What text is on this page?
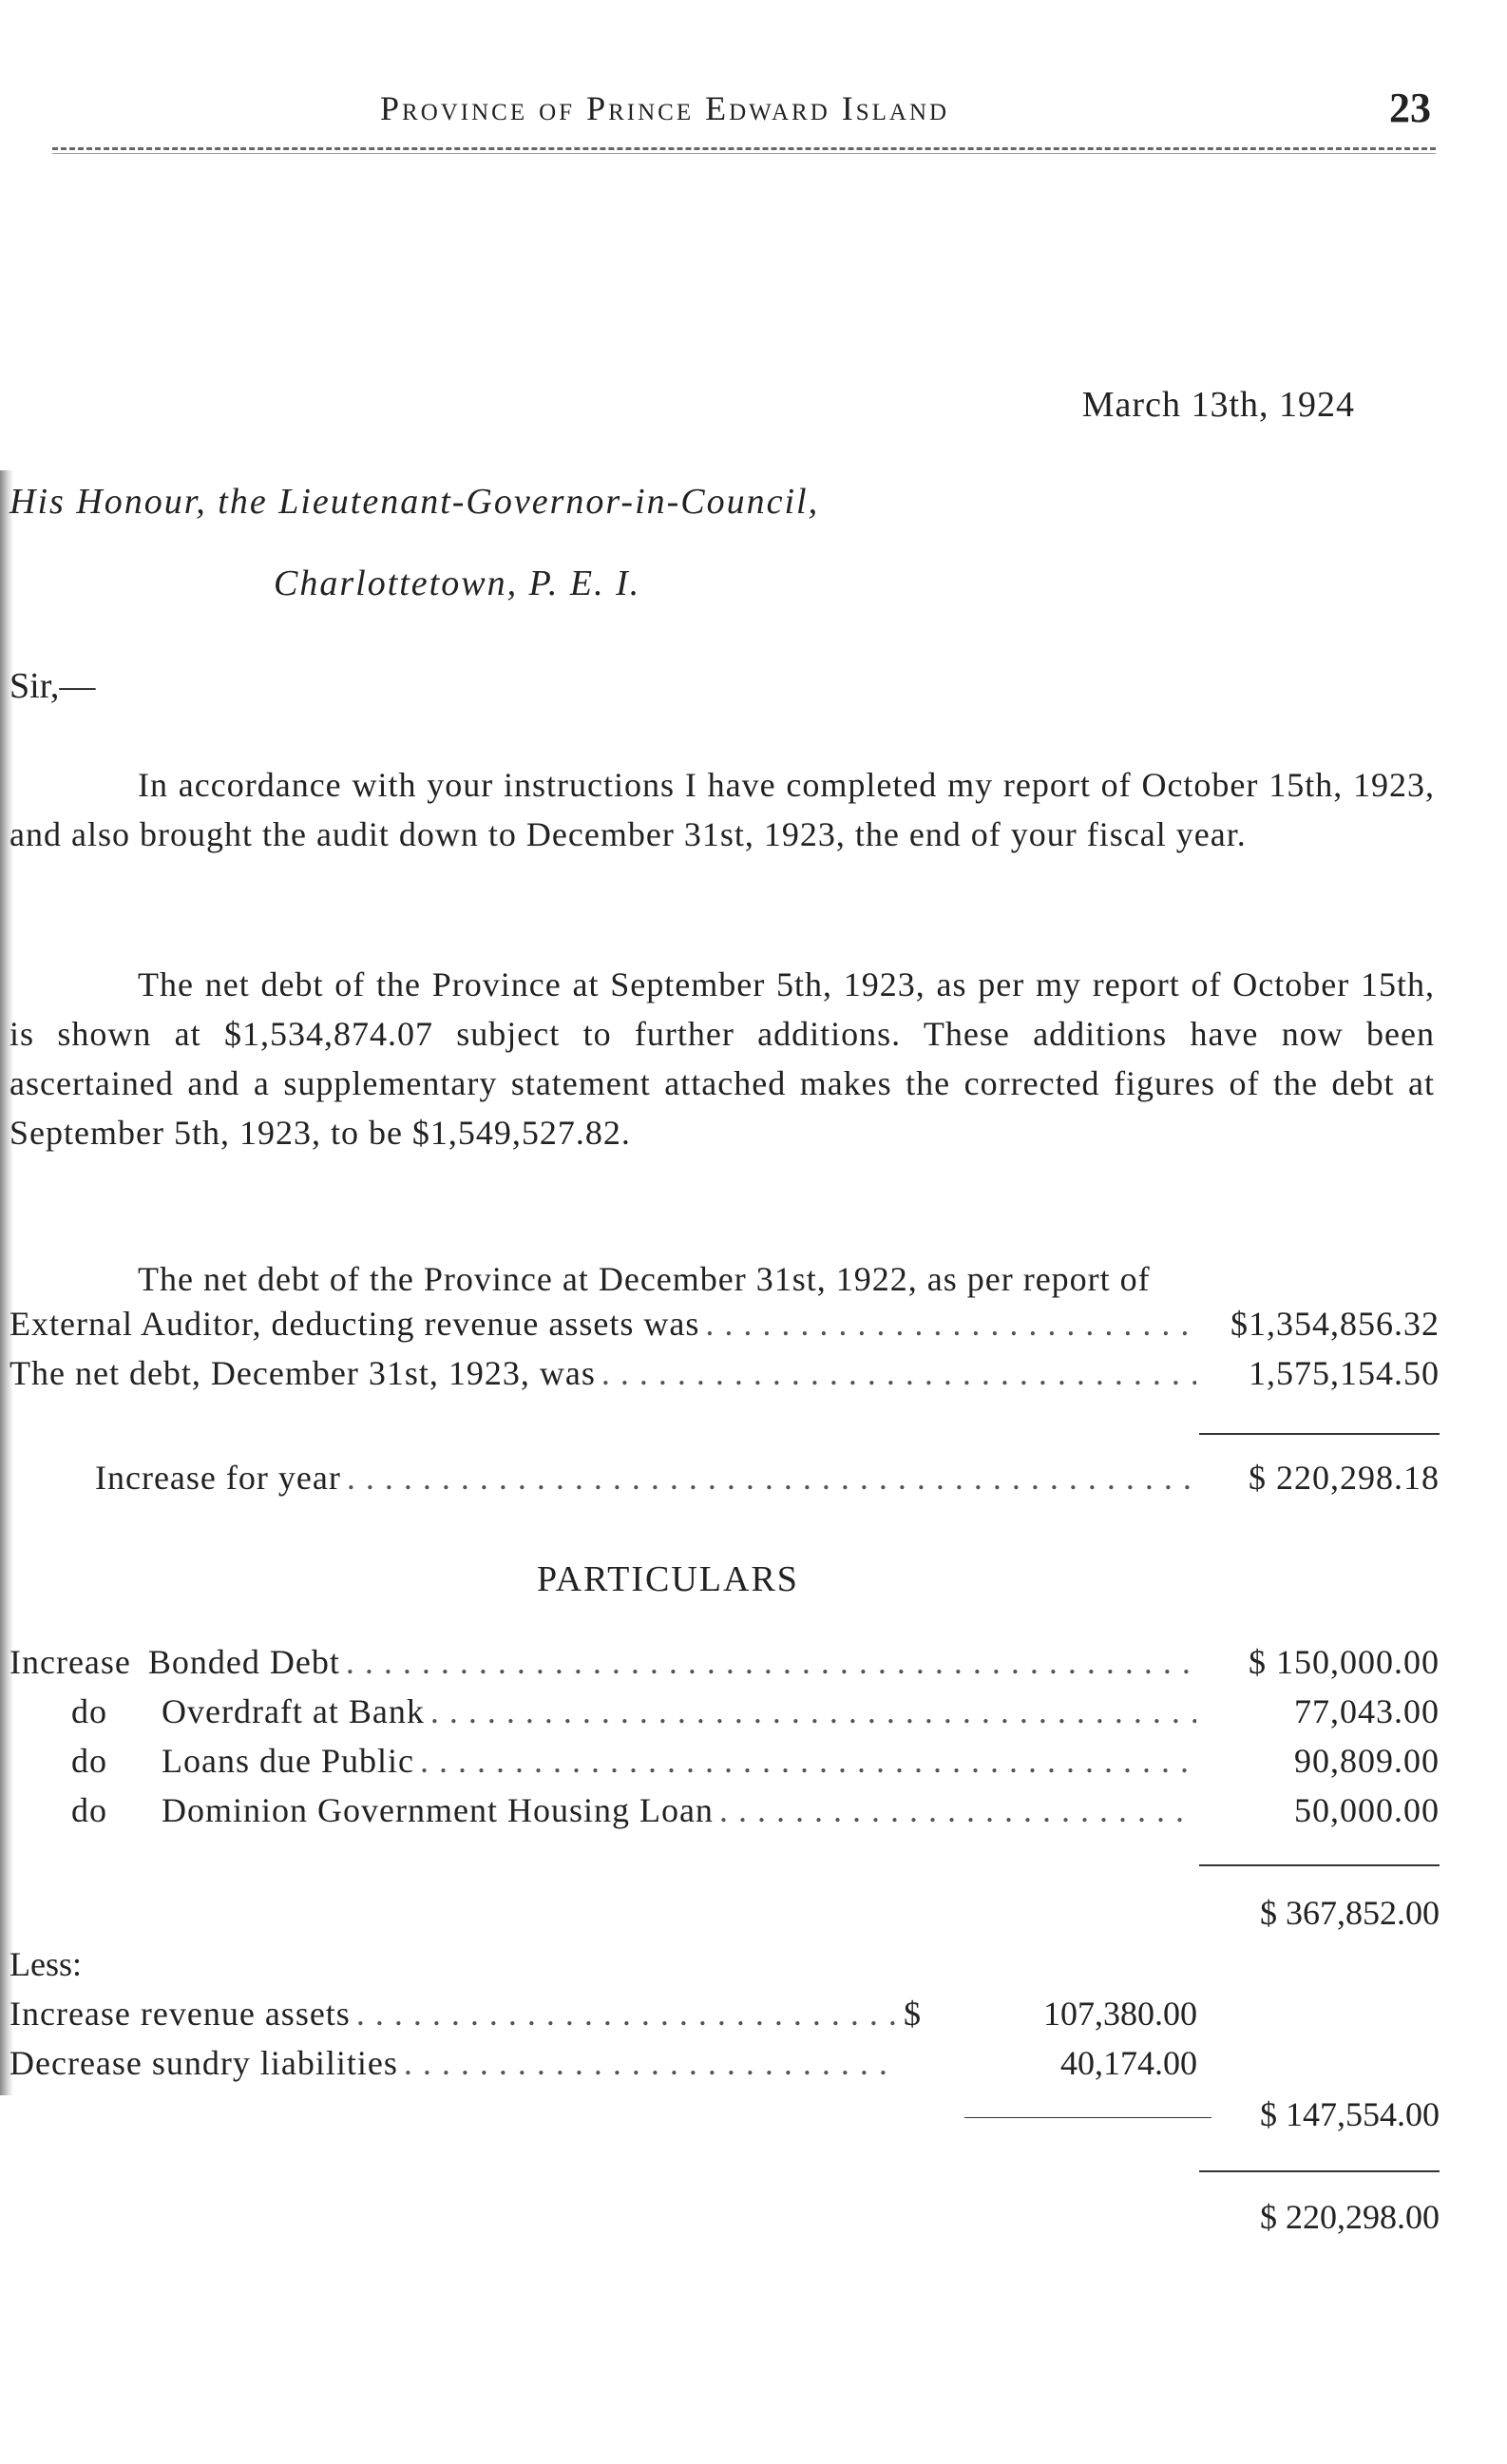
Province of Prince Edward Island	23
March 13th, 1924
His Honour, the Lieutenant-Governor-in-Council,
Charlottetown, P. E. I.
Sir,—
In accordance with your instructions I have completed my report of October 15th, 1923, and also brought the audit down to December 31st, 1923, the end of your fiscal year.
The net debt of the Province at September 5th, 1923, as per my report of October 15th, is shown at $1,534,874.07 subject to further additions. These additions have now been ascertained and a supplementary statement attached makes the corrected figures of the debt at September 5th, 1923, to be $1,549,527.82.
The net debt of the Province at December 31st, 1922, as per report of
External Auditor, deducting revenue assets was . . .	$1,354,856.32
The net debt, December 31st, 1923, was . . .	1,575,154.50
Increase for year . . .	$ 220,298.18
PARTICULARS
Increase Bonded Debt . . .	$ 150,000.00
do	Overdraft at Bank . . .	77,043.00
do	Loans due Public . . .	90,809.00
do	Dominion Government Housing Loan . . .	50,000.00
$ 367,852.00
Less:
Increase revenue assets . . .	$	107,380.00
Decrease sundry liabilities . . .	40,174.00
$ 147,554.00
$ 220,298.00
